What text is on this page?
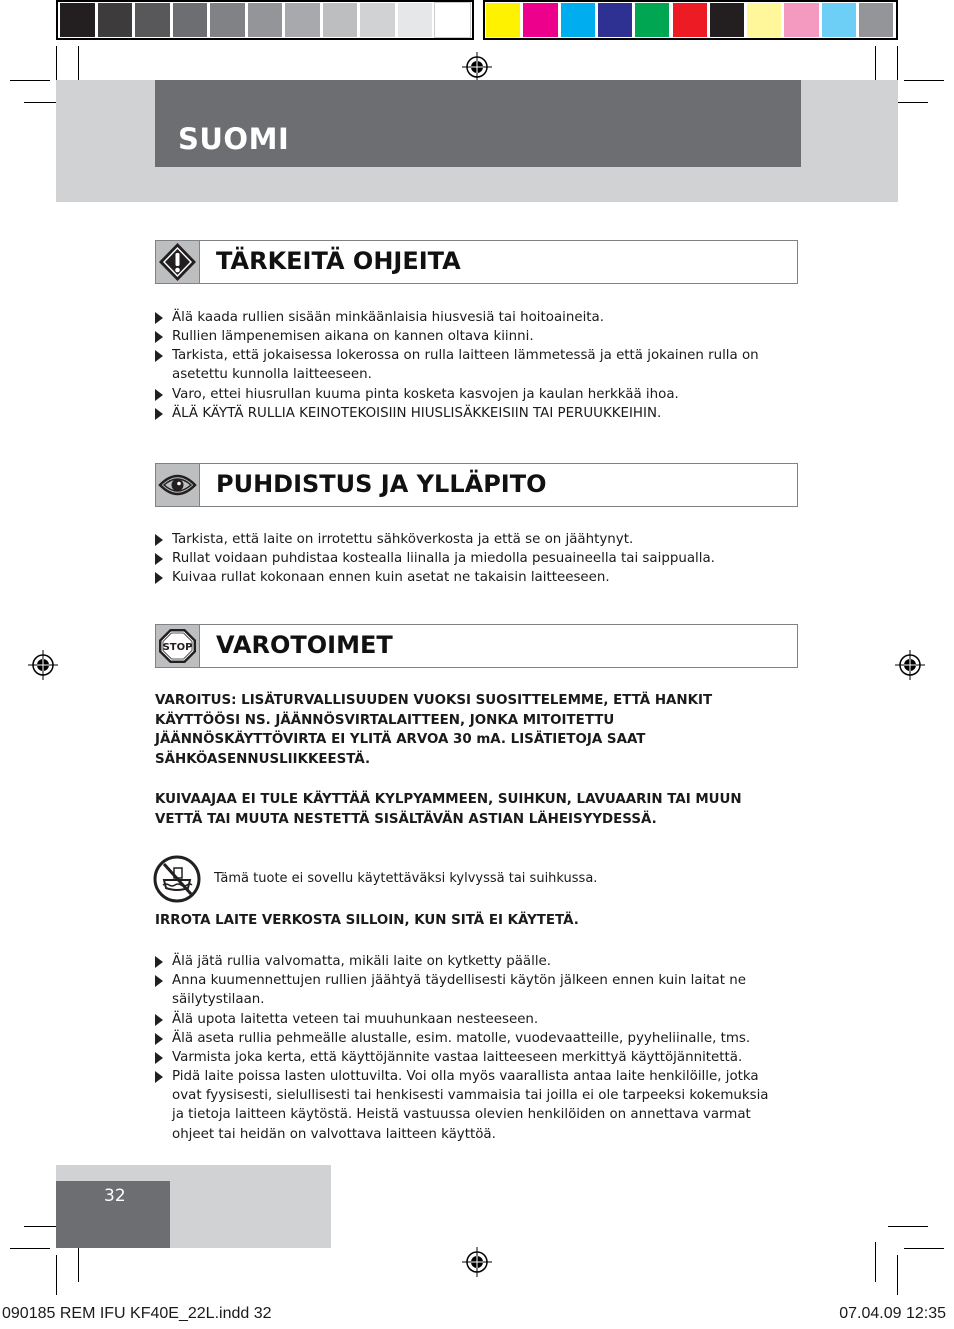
SUOMI
TÄRKEITÄ OHJEITA
Älä kaada rullien sisään minkäänlaisia hiusvesiä tai hoitoaineita.
Rullien lämpenemisen aikana on kannen oltava kiinni.
Tarkista, että jokaisessa lokerossa on rulla laitteen lämmetessä ja että jokainen rulla on asetettu kunnolla laitteeseen.
Varo, ettei hiusrullan kuuma pinta kosketa kasvojen ja kaulan herkkää ihoa.
ÄLÄ KÄYTÄ RULLIA KEINOTEKOISIIN HIUSLISÄKKEISIIN TAI PERUUKKEIHIN.
PUHDISTUS JA YLLÄPITO
Tarkista, että laite on irrotettu sähköverkosta ja että se on jäähtynyt.
Rullat voidaan puhdistaa kostealla liinalla ja miedolla pesuaineella tai saippualla.
Kuivaa rullat kokonaan ennen kuin asetat ne takaisin laitteeseen.
STOP VAROTOIMET
VAROITUS: LISÄTURVALLISUUDEN VUOKSI SUOSITTELEMME, ETTÄ HANKIT KÄYTTÖÖSI NS. JÄÄNNÖSVIRTALAITTEEN, JONKA MITOITETTU JÄÄNNÖSKÄYTTÖVIRTA EI YLITÄ ARVOA 30 mA. LISÄTIETOJA SAAT SÄHKÖASENNUSLIIKKEESTÄ.
KUIVAAJAA EI TULE KÄYTTÄÄ KYLPYAMMEEN, SUIHKUN, LAVUAARIN TAI MUUN VETTÄ TAI MUUTA NESTETTÄ SISÄLTÄVÄN ASTIAN LÄHEISYYDESSÄ.
Tämä tuote ei sovellu käytettäväksi kylvyssä tai suihkussa.
IRROTA LAITE VERKOSTA SILLOIN, KUN SITÄ EI KÄYTETÄ.
Älä jätä rullia valvomatta, mikäli laite on kytketty päälle.
Anna kuumennettujen rullien jäähtyä täydellisesti käytön jälkeen ennen kuin laitat ne säilytystilaan.
Älä upota laitetta veteen tai muuhunkaan nesteeseen.
Älä aseta rullia pehmeälle alustalle, esim. matolle, vuodevaatteille, pyyheliinalle, tms.
Varmista joka kerta, että käyttöjännite vastaa laitteeseen merkittyä käyttöjännitettä.
Pidä laite poissa lasten ulottuvilta. Voi olla myös vaarallista antaa laite henkilöille, jotka ovat fyysisesti, sielullisesti tai henkisesti vammaisia tai joilla ei ole tarpeeksi kokemuksia ja tietoja laitteen käytöstä. Heistä vastuussa olevien henkilöiden on annettava varmat ohjeet tai heidän on valvottava laitteen käyttöä.
32
090185 REM IFU KF40E_22L.indd 32	07.04.09 12:35
